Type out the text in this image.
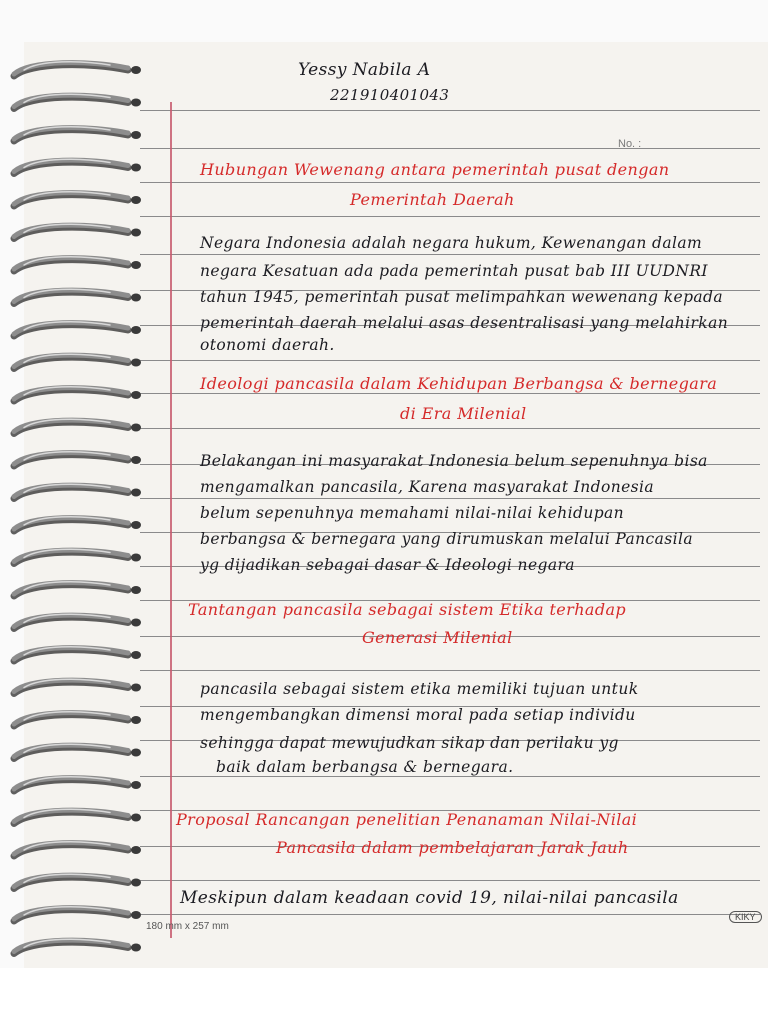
Yessy Nabila A
221910401043
No. :
Hubungan Wewenang antara pemerintah pusat dengan
Pemerintah Daerah
Negara Indonesia adalah negara hukum, Kewenangan dalam
negara Kesatuan ada pada pemerintah pusat bab III UUDNRI
tahun 1945, pemerintah pusat melimpahkan wewenang kepada
pemerintah daerah melalui asas desentralisasi yang melahirkan
otonomi daerah.
Ideologi pancasila dalam Kehidupan Berbangsa & bernegara
di Era Milenial
Belakangan ini masyarakat Indonesia belum sepenuhnya bisa
mengamalkan pancasila, Karena masyarakat Indonesia
belum sepenuhnya memahami nilai-nilai kehidupan
berbangsa & bernegara yang dirumuskan melalui Pancasila
yg dijadikan sebagai dasar & Ideologi negara
Tantangan pancasila sebagai sistem Etika terhadap
Generasi Milenial
pancasila sebagai sistem etika memiliki tujuan untuk
mengembangkan dimensi moral pada setiap individu
sehingga dapat mewujudkan sikap dan perilaku yg
baik dalam berbangsa & bernegara.
Proposal Rancangan penelitian Penanaman Nilai-Nilai
Pancasila dalam pembelajaran Jarak Jauh
Meskipun dalam keadaan covid 19, nilai-nilai pancasila
180 mm x 257 mm
KIKY
